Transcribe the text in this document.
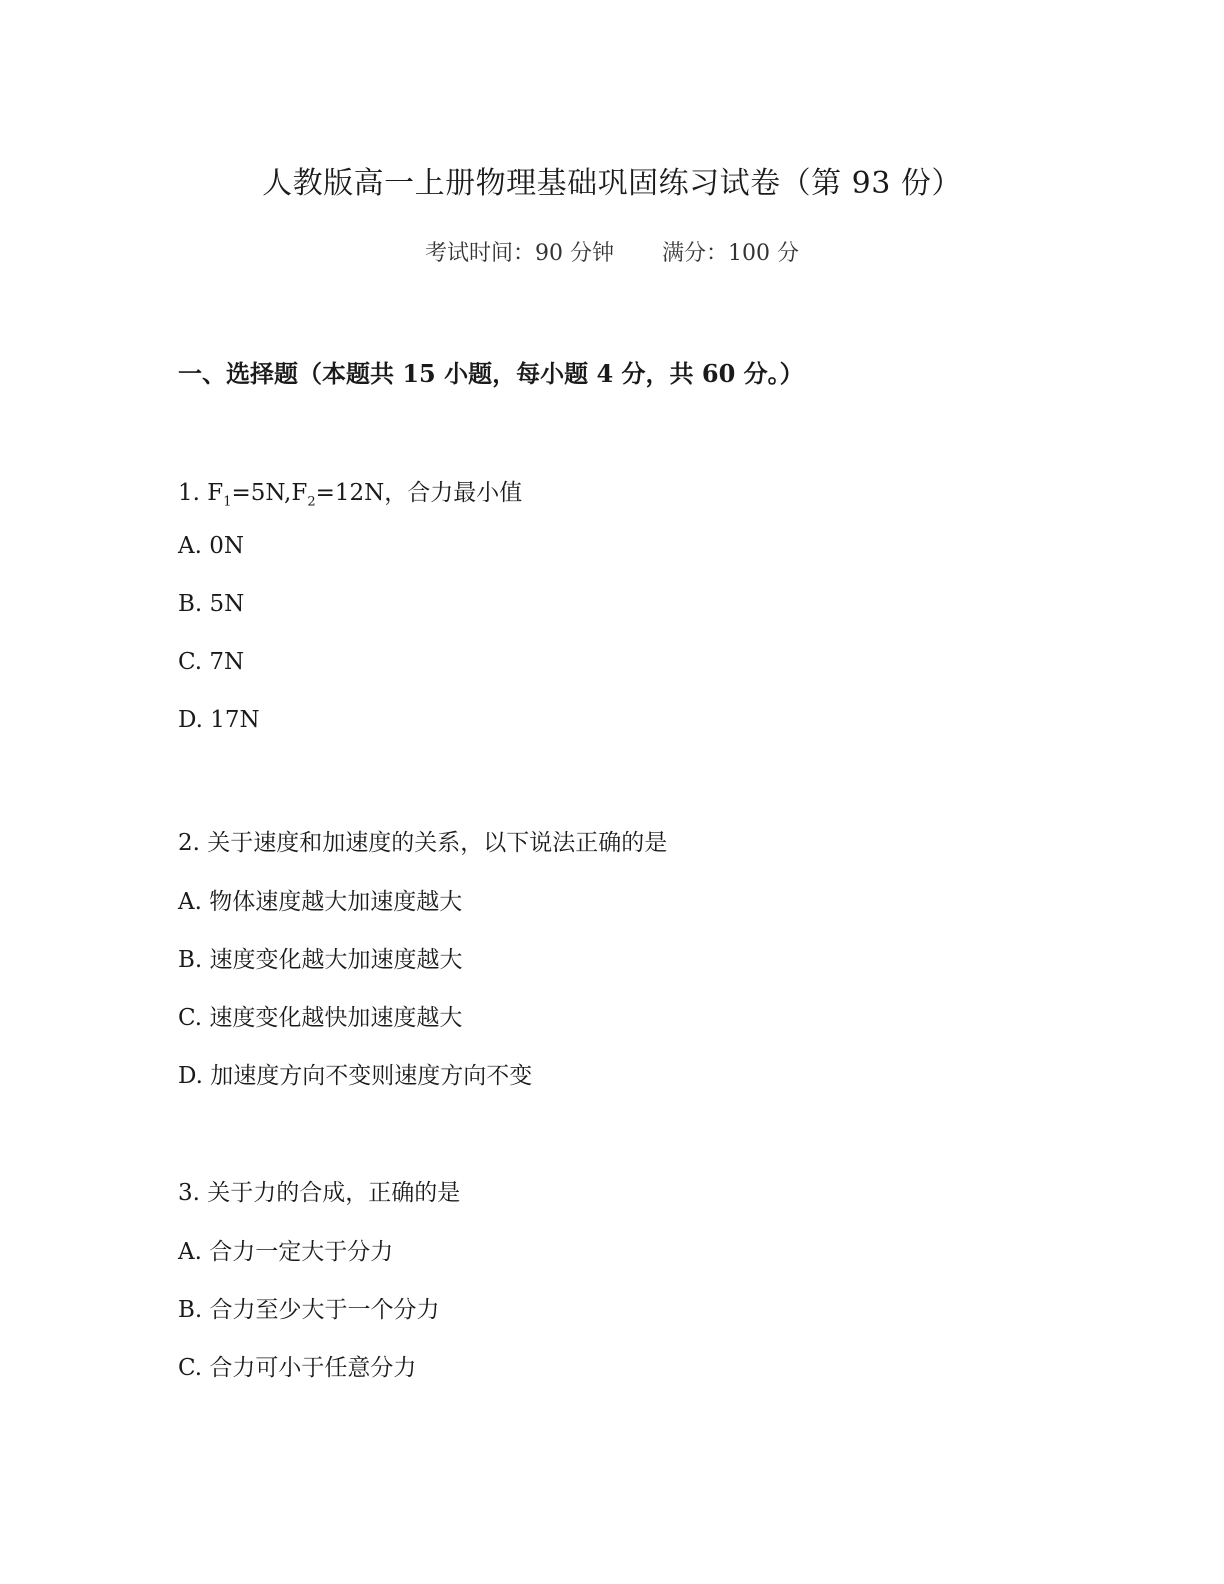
人教版高一上册物理基础巩固练习试卷（第 93 份）
考试时间：90 分钟 满分：100 分
一、选择题（本题共 15 小题，每小题 4 分，共 60 分。）
1. $F_1=5N,F_2=12N$，合力最小值
A. 0N
B. 5N
C. 7N
D. 17N
2. 关于速度和加速度的关系，以下说法正确的是
A. 物体速度越大加速度越大
B. 速度变化越大加速度越大
C. 速度变化越快加速度越大
D. 加速度方向不变则速度方向不变
3. 关于力的合成，正确的是
A. 合力一定大于分力
B. 合力至少大于一个分力
C. 合力可小于任意分力
